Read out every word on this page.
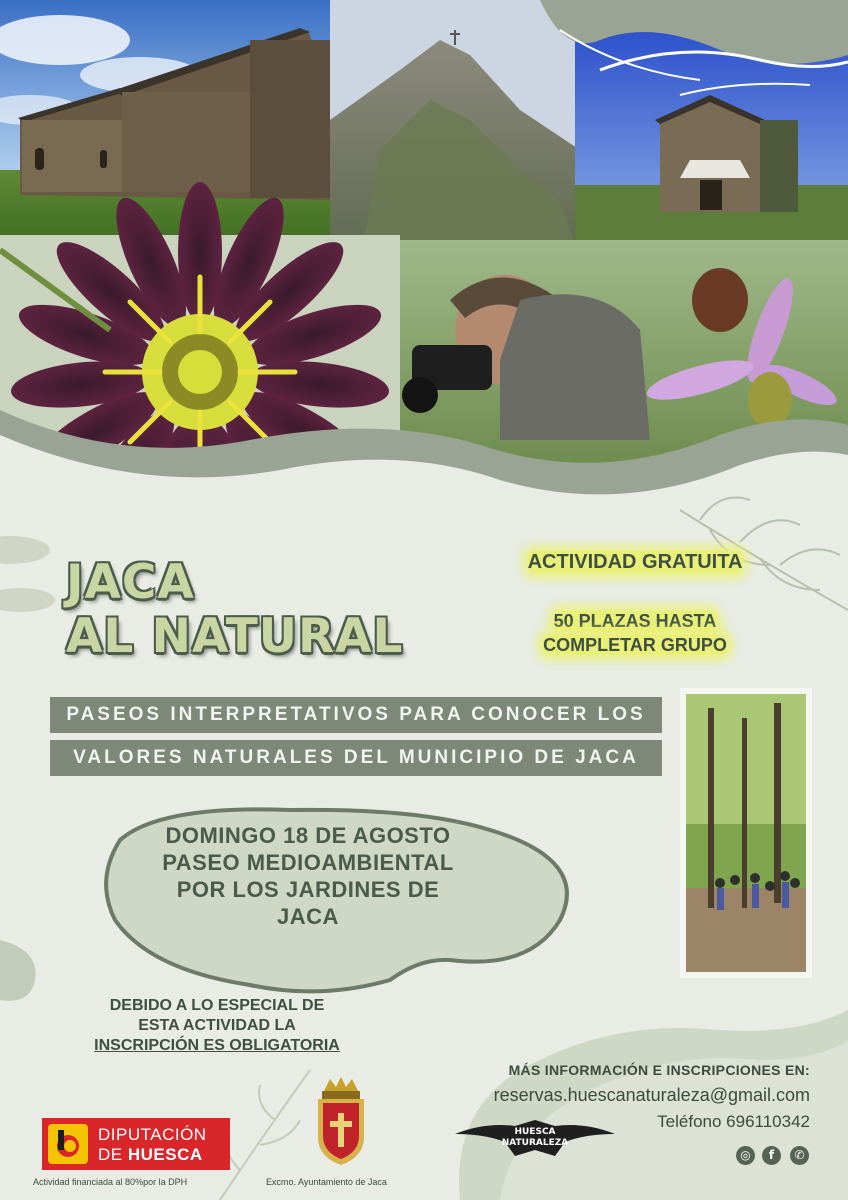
JACA
AL NATURAL
ACTIVIDAD GRATUITA
50 PLAZAS HASTA
COMPLETAR GRUPO
PASEOS INTERPRETATIVOS PARA CONOCER LOS
VALORES NATURALES DEL MUNICIPIO DE JACA
DOMINGO 18 DE AGOSTO
PASEO MEDIOAMBIENTAL
POR LOS JARDINES DE
JACA
DEBIDO A LO ESPECIAL DE
ESTA ACTIVIDAD LA
INSCRIPCIÓN ES OBLIGATORIA
MÁS INFORMACIÓN E INSCRIPCIONES EN:
reservas.huescanaturaleza@gmail.com
Teléfono 696110342
HUESCA
NATURALEZA
◎	f	✆
DIPUTACIÓN
DE HUESCA
Actividad financiada al 80%por la DPH	Excmo. Ayuntamiento de Jaca
